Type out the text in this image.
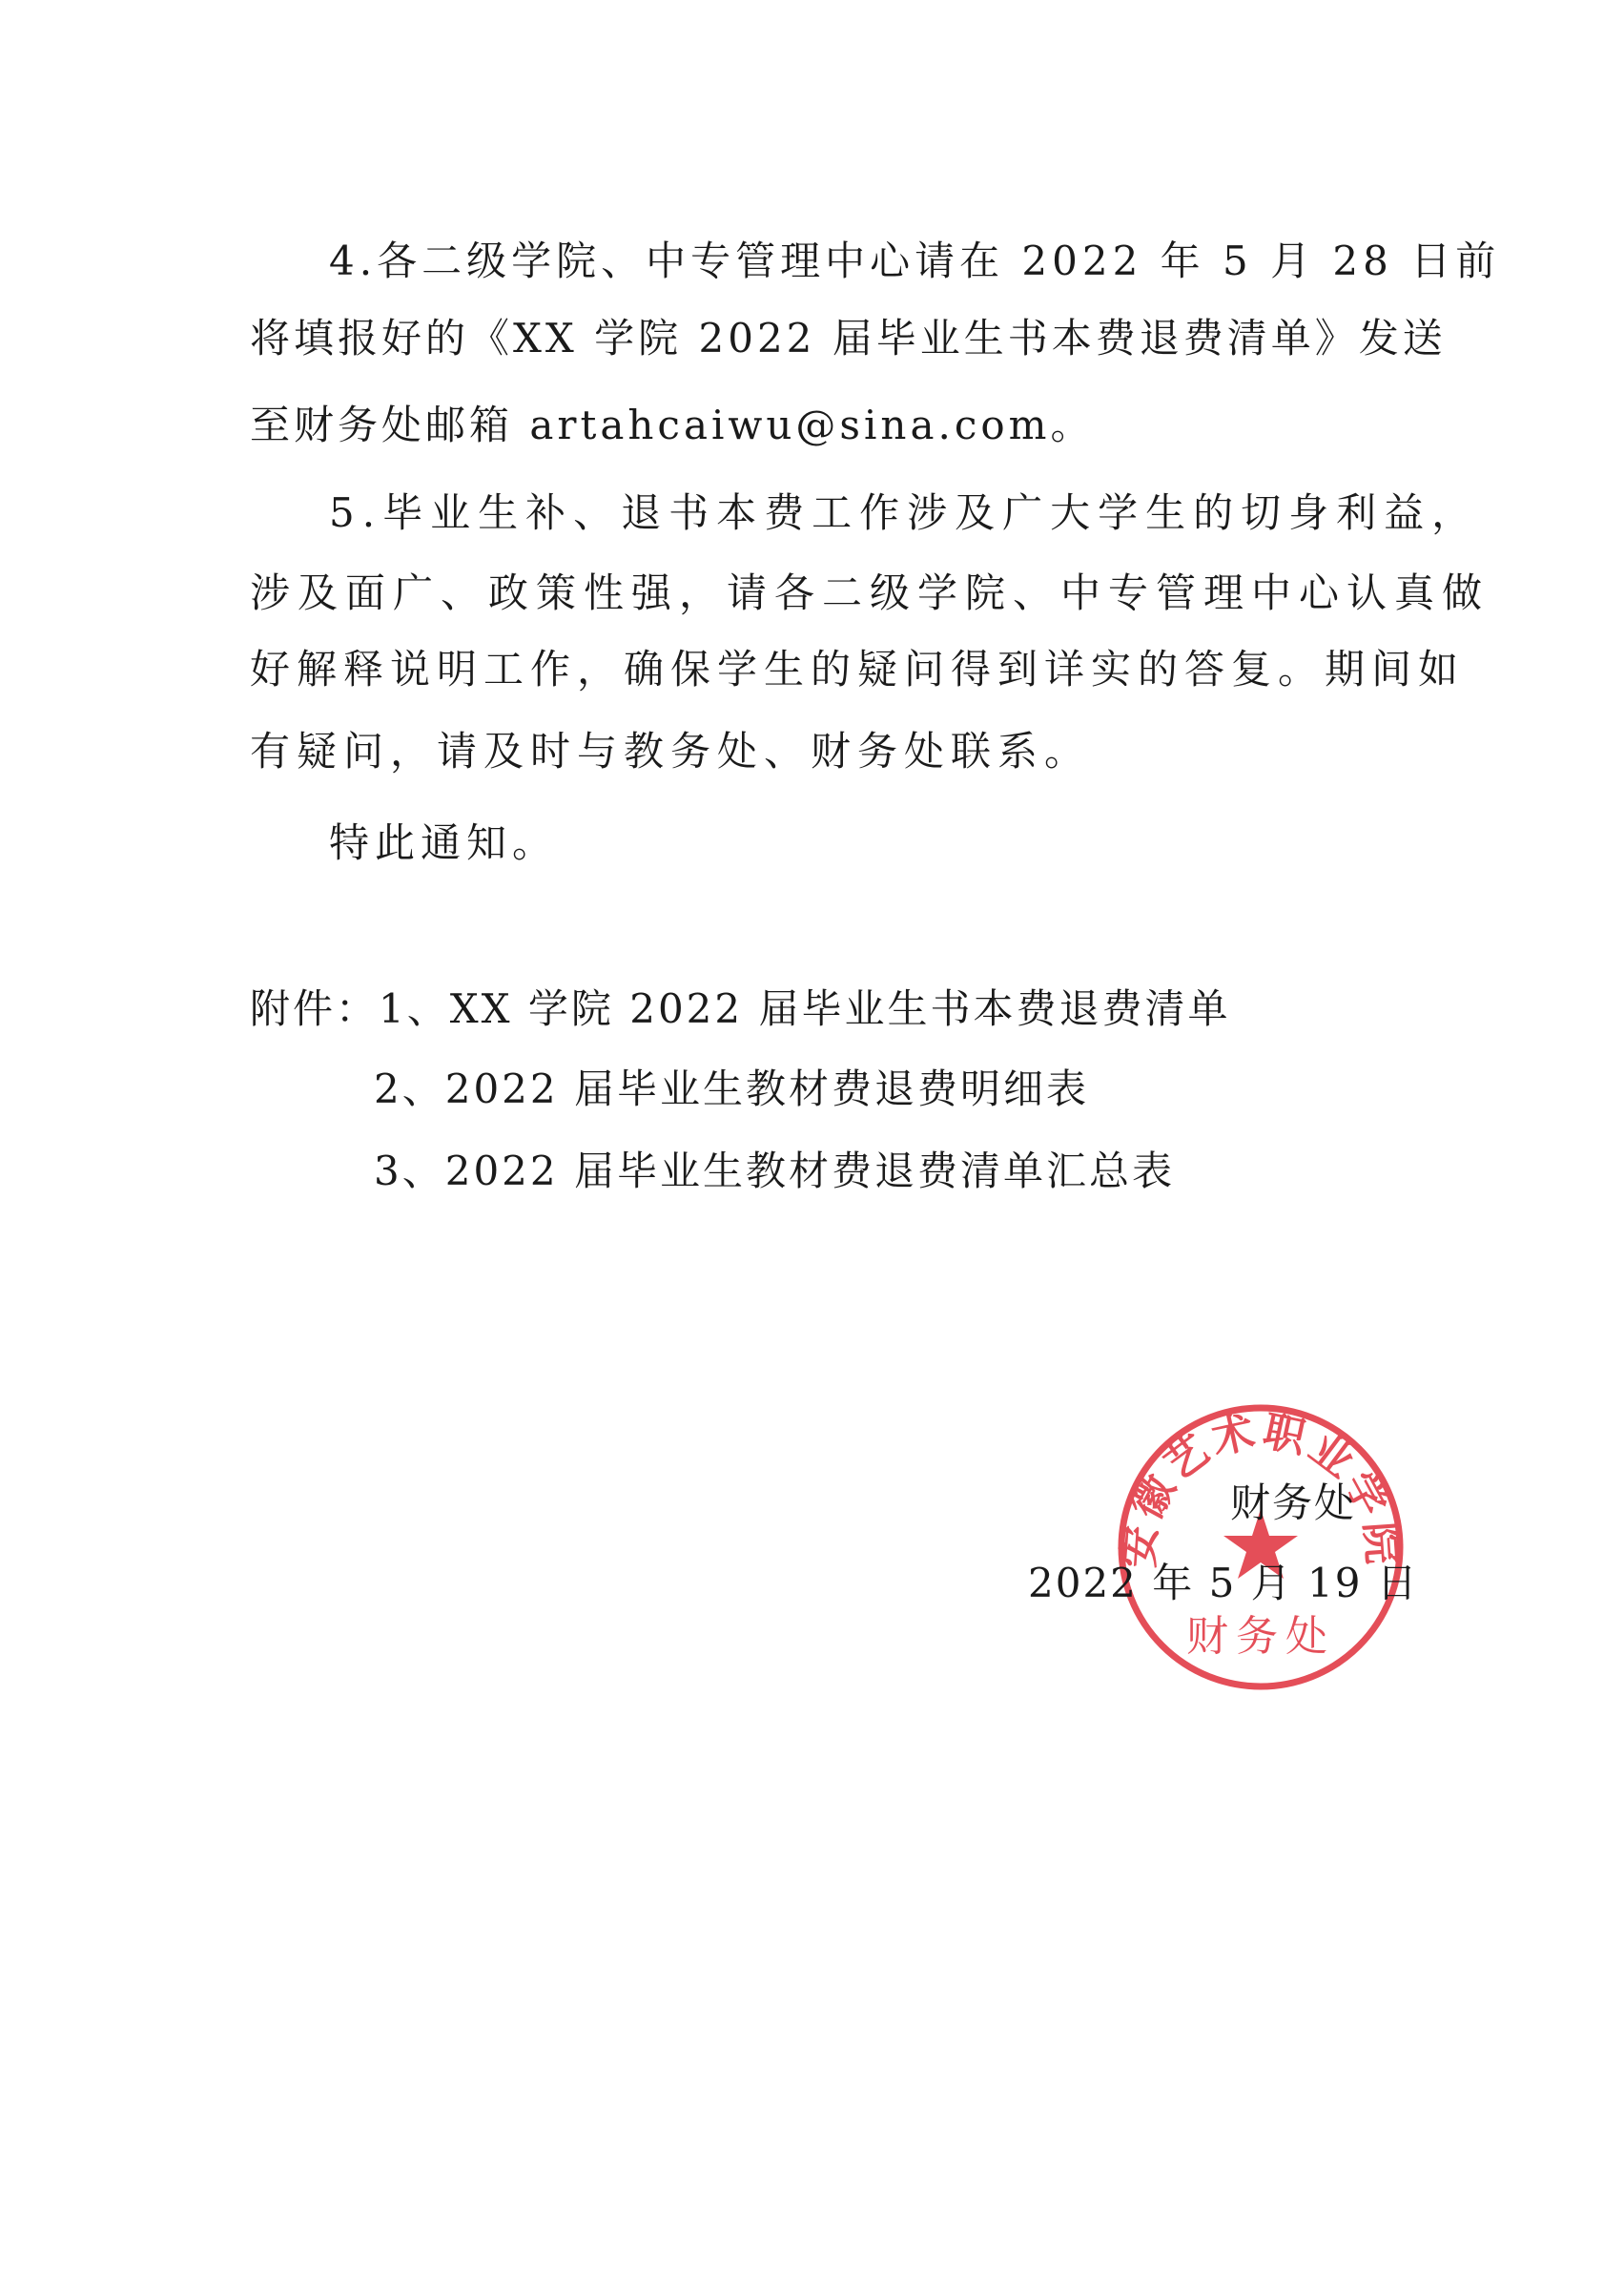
4.各二级学院、中专管理中心请在 2022 年 5 月 28 日前
将填报好的《XX 学院 2022 届毕业生书本费退费清单》发送
至财务处邮箱 artahcaiwu@sina.com。
5.毕业生补、退书本费工作涉及广大学生的切身利益，
涉及面广、政策性强，请各二级学院、中专管理中心认真做
好解释说明工作，确保学生的疑问得到详实的答复。期间如
有疑问，请及时与教务处、财务处联系。
特此通知。
附件：1、XX 学院 2022 届毕业生书本费退费清单
2、2022 届毕业生教材费退费明细表
3、2022 届毕业生教材费退费清单汇总表
安徽艺术职业学院
财务处
财务处
2022 年 5 月 19 日
